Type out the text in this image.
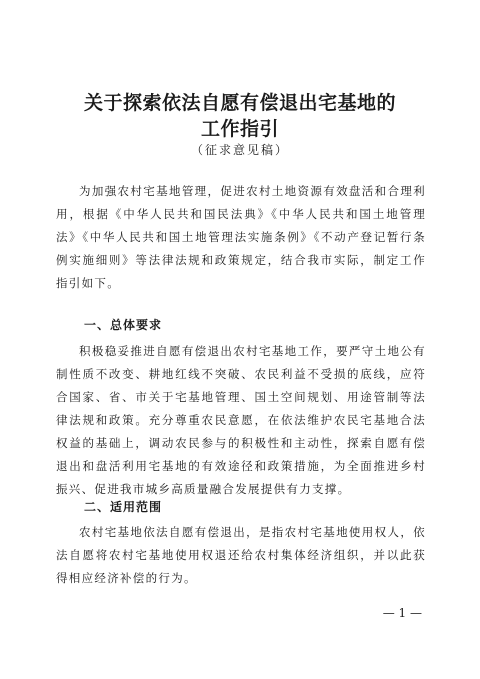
关于探索依法自愿有偿退出宅基地的
工作指引
（征求意见稿）

为加强农村宅基地管理，促进农村土地资源有效盘活和合理利用，根据《中华人民共和国民法典》《中华人民共和国土地管理法》《中华人民共和国土地管理法实施条例》《不动产登记暂行条例实施细则》等法律法规和政策规定，结合我市实际，制定工作指引如下。

一、总体要求

积极稳妥推进自愿有偿退出农村宅基地工作，要严守土地公有制性质不改变、耕地红线不突破、农民利益不受损的底线，应符合国家、省、市关于宅基地管理、国土空间规划、用途管制等法律法规和政策。充分尊重农民意愿，在依法维护农民宅基地合法权益的基础上，调动农民参与的积极性和主动性，探索自愿有偿退出和盘活利用宅基地的有效途径和政策措施，为全面推进乡村振兴、促进我市城乡高质量融合发展提供有力支撑。

二、适用范围

农村宅基地依法自愿有偿退出，是指农村宅基地使用权人，依法自愿将农村宅基地使用权退还给农村集体经济组织，并以此获得相应经济补偿的行为。

— 1 —
